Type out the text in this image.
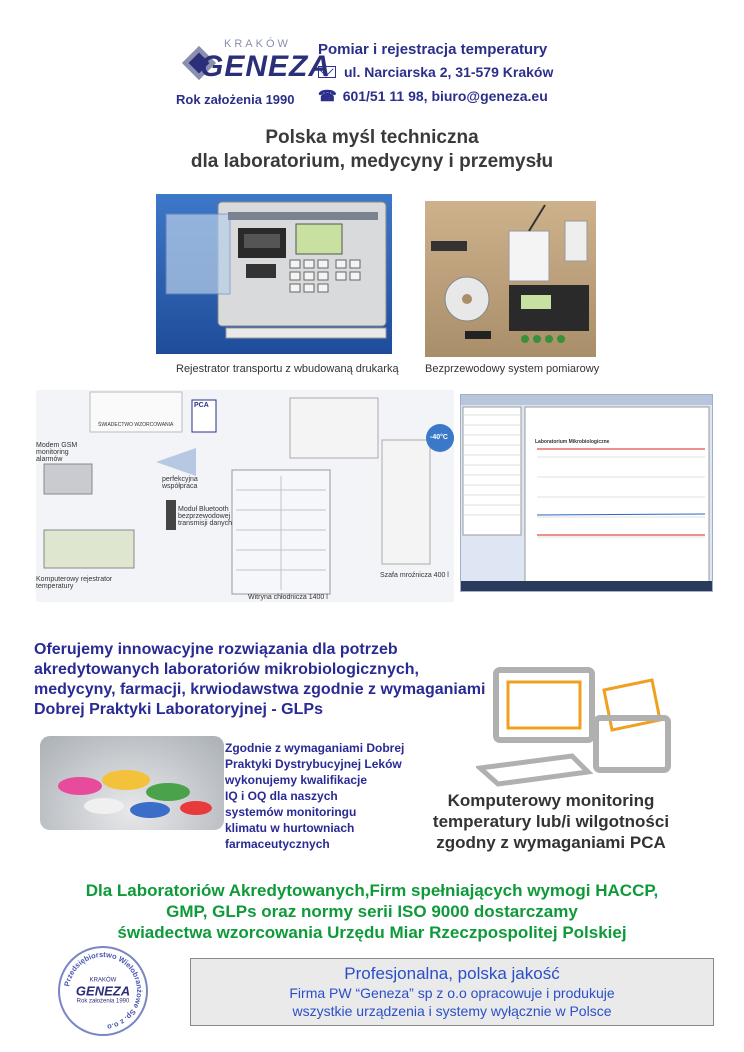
KRAKÓW
GENEZA
Rok założenia 1990
Pomiar i rejestracja temperatury
ul. Narciarska 2, 31-579 Kraków
☎ 601/51 11 98, biuro@geneza.eu
Polska myśl techniczna
dla laboratorium, medycyny i przemysłu
Rejestrator transportu z wbudowaną drukarką Bezprzewodowy system pomiarowy
Modem GSM monitoring alarmów
perfekcyjna współpraca
Moduł Bluetooth bezprzewodowej transmisji danych
Komputerowy rejestrator temperatury
Witryna chłodnicza 1400 l
Szafa mroźnicza 400 l
-40°C
ŚWIADECTWO WZORCOWANIA
PCA
Laboratorium Mikrobiologiczne
Oferujemy innowacyjne rozwiązania dla potrzeb akredytowanych laboratoriów mikrobiologicznych, medycyny, farmacji, krwiodawstwa zgodnie z wymaganiami Dobrej Praktyki Laboratoryjnej - GLPs
Zgodnie z wymaganiami Dobrej
Praktyki Dystrybucyjnej Leków
wykonujemy kwalifikacje
IQ i OQ dla naszych
systemów monitoringu
klimatu w hurtowniach
farmaceutycznych
Komputerowy monitoring
temperatury lub/i wilgotności
zgodny z wymaganiami PCA
Dla Laboratoriów Akredytowanych,Firm spełniających wymogi HACCP,
GMP, GLPs oraz normy serii ISO 9000 dostarczamy
świadectwa wzorcowania Urzędu Miar Rzeczpospolitej Polskiej
Przedsiębiorstwo Wielobranżowe Sp. z o.o
KRAKÓW
GENEZA
Rok założenia 1990
Profesjonalna, polska jakość
Firma PW “Geneza” sp z o.o opracowuje i produkuje
wszystkie urządzenia i systemy wyłącznie w Polsce
